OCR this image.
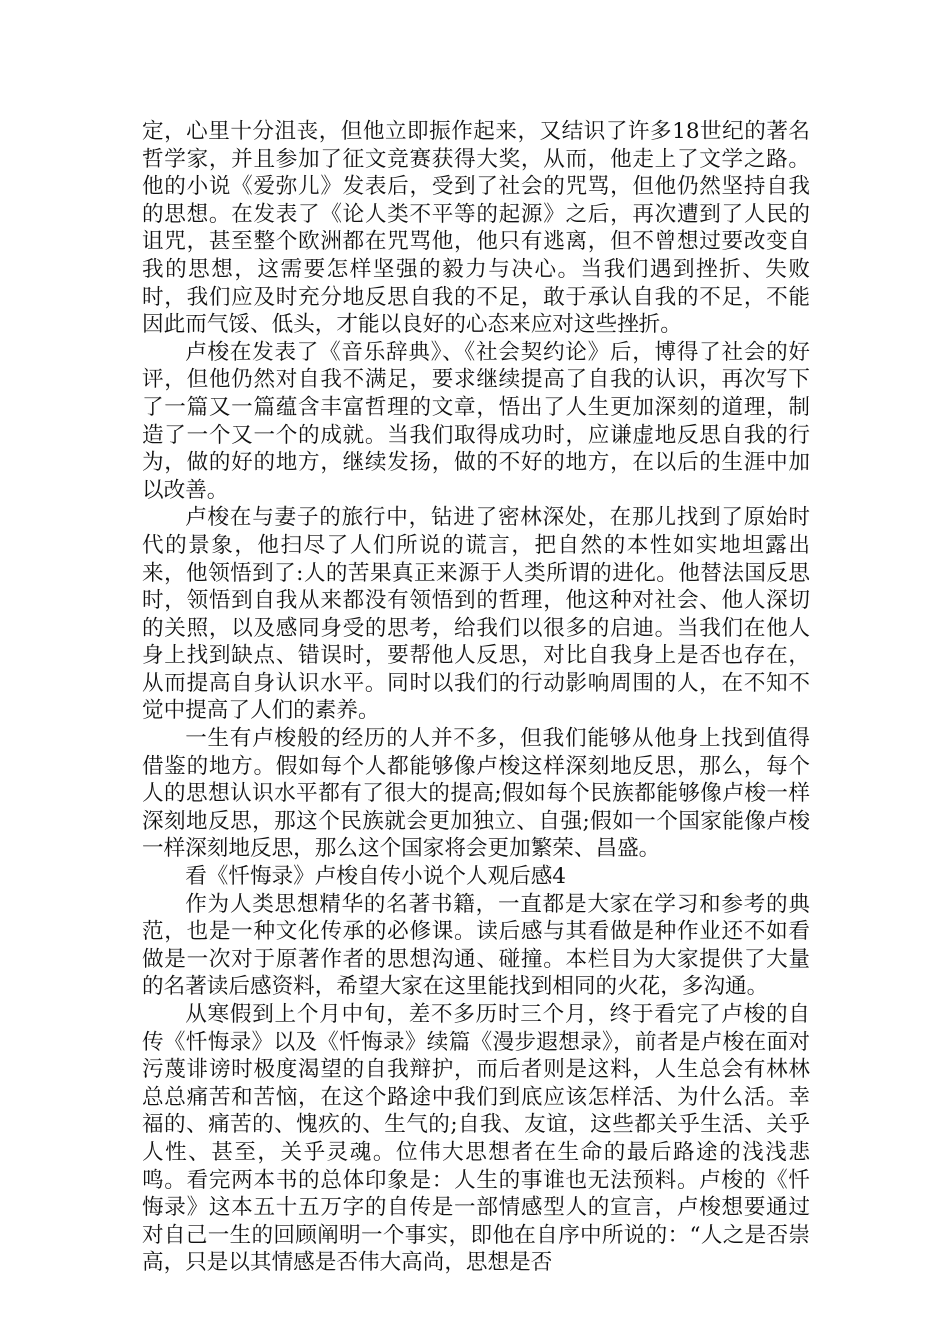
定，心里十分沮丧，但他立即振作起来，又结识了许多18世纪的著名哲学家，并且参加了征文竞赛获得大奖，从而，他走上了文学之路。他的小说《爱弥儿》发表后，受到了社会的咒骂，但他仍然坚持自我的思想。在发表了《论人类不平等的起源》之后，再次遭到了人民的诅咒，甚至整个欧洲都在咒骂他，他只有逃离，但不曾想过要改变自我的思想，这需要怎样坚强的毅力与决心。当我们遇到挫折、失败时，我们应及时充分地反思自我的不足，敢于承认自我的不足，不能因此而气馁、低头，才能以良好的心态来应对这些挫折。

卢梭在发表了《音乐辞典》、《社会契约论》后，博得了社会的好评，但他仍然对自我不满足，要求继续提高了自我的认识，再次写下了一篇又一篇蕴含丰富哲理的文章，悟出了人生更加深刻的道理，制造了一个又一个的成就。当我们取得成功时，应谦虚地反思自我的行为，做的好的地方，继续发扬，做的不好的地方，在以后的生涯中加以改善。

卢梭在与妻子的旅行中，钻进了密林深处，在那儿找到了原始时代的景象，他扫尽了人们所说的谎言，把自然的本性如实地坦露出来，他领悟到了:人的苦果真正来源于人类所谓的进化。他替法国反思时，领悟到自我从来都没有领悟到的哲理，他这种对社会、他人深切的关照，以及感同身受的思考，给我们以很多的启迪。当我们在他人身上找到缺点、错误时，要帮他人反思，对比自我身上是否也存在，从而提高自身认识水平。同时以我们的行动影响周围的人，在不知不觉中提高了人们的素养。

一生有卢梭般的经历的人并不多，但我们能够从他身上找到值得借鉴的地方。假如每个人都能够像卢梭这样深刻地反思，那么，每个人的思想认识水平都有了很大的提高;假如每个民族都能够像卢梭一样深刻地反思，那这个民族就会更加独立、自强;假如一个国家能像卢梭一样深刻地反思，那么这个国家将会更加繁荣、昌盛。

看《忏悔录》卢梭自传小说个人观后感4

作为人类思想精华的名著书籍，一直都是大家在学习和参考的典范，也是一种文化传承的必修课。读后感与其看做是种作业还不如看做是一次对于原著作者的思想沟通、碰撞。本栏目为大家提供了大量的名著读后感资料，希望大家在这里能找到相同的火花，多沟通。

从寒假到上个月中旬，差不多历时三个月，终于看完了卢梭的自传《忏悔录》以及《忏悔录》续篇《漫步遐想录》，前者是卢梭在面对污蔑诽谤时极度渴望的自我辩护，而后者则是这料，人生总会有林林总总痛苦和苦恼，在这个路途中我们到底应该怎样活、为什么活。幸福的、痛苦的、愧疚的、生气的;自我、友谊，这些都关乎生活、关乎人性、甚至，关乎灵魂。位伟大思想者在生命的最后路途的浅浅悲鸣。看完两本书的总体印象是：人生的事谁也无法预料。卢梭的《忏悔录》这本五十五万字的自传是一部情感型人的宣言，卢梭想要通过对自己一生的回顾阐明一个事实，即他在自序中所说的：“人之是否崇高，只是以其情感是否伟大高尚，思想是否
